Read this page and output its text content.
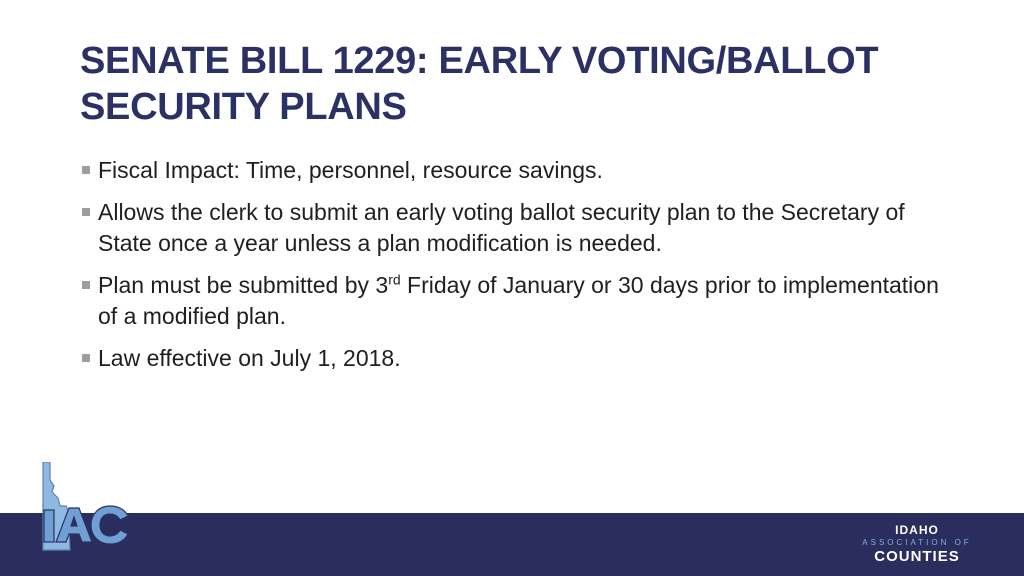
SENATE BILL 1229: EARLY VOTING/BALLOT SECURITY PLANS
Fiscal Impact: Time, personnel, resource savings.
Allows the clerk to submit an early voting ballot security plan to the Secretary of State once a year unless a plan modification is needed.
Plan must be submitted by 3rd Friday of January or 30 days prior to implementation of a modified plan.
Law effective on July 1, 2018.
IDAHO
ASSOCIATION OF
COUNTIES
